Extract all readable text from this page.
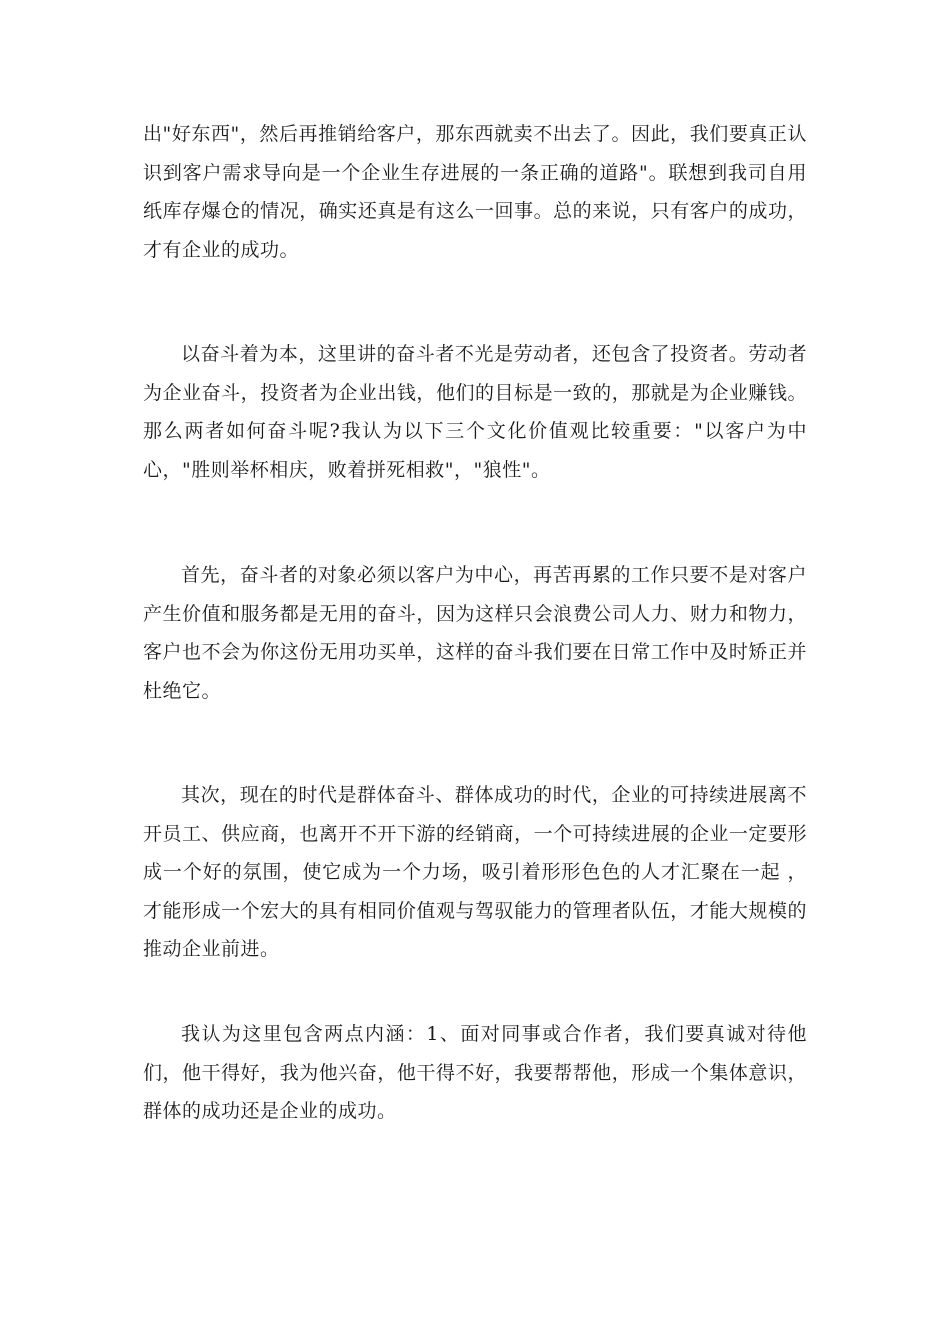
出"好东西"，然后再推销给客户，那东西就卖不出去了。因此，我们要真正认识到客户需求导向是一个企业生存进展的一条正确的道路"。联想到我司自用纸库存爆仓的情况，确实还真是有这么一回事。总的来说，只有客户的成功，才有企业的成功。

以奋斗着为本，这里讲的奋斗者不光是劳动者，还包含了投资者。劳动者为企业奋斗，投资者为企业出钱，他们的目标是一致的，那就是为企业赚钱。那么两者如何奋斗呢?我认为以下三个文化价值观比较重要："以客户为中心，"胜则举杯相庆，败着拼死相救"，"狼性"。

首先，奋斗者的对象必须以客户为中心，再苦再累的工作只要不是对客户产生价值和服务都是无用的奋斗，因为这样只会浪费公司人力、财力和物力，客户也不会为你这份无用功买单，这样的奋斗我们要在日常工作中及时矫正并杜绝它。

其次，现在的时代是群体奋斗、群体成功的时代，企业的可持续进展离不开员工、供应商，也离开不开下游的经销商，一个可持续进展的企业一定要形成一个好的氛围，使它成为一个力场，吸引着形形色色的人才汇聚在一起 ，才能形成一个宏大的具有相同价值观与驾驭能力的管理者队伍，才能大规模的推动企业前进。

我认为这里包含两点内涵：1、面对同事或合作者，我们要真诚对待他们，他干得好，我为他兴奋，他干得不好，我要帮帮他，形成一个集体意识，群体的成功还是企业的成功。
